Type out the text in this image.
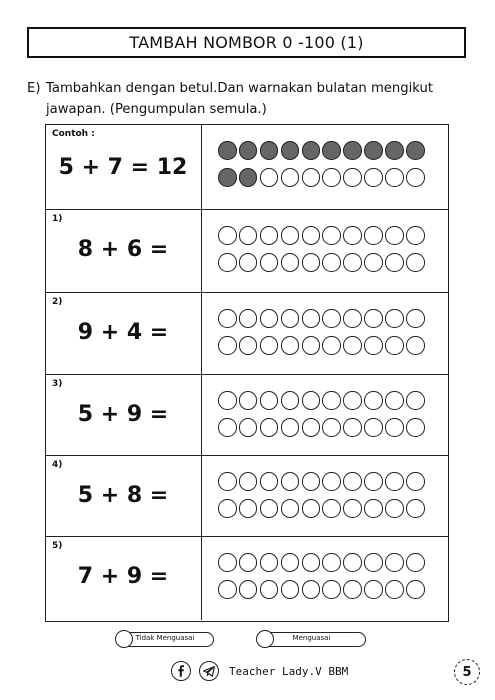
TAMBAH NOMBOR 0 -100 (1)
E) Tambahkan dengan betul.Dan warnakan bulatan mengikut
jawapan. (Pengumpulan semula.)
Contoh :
5 + 7 = 12
1)
8 + 6 =
2)
9 + 4 =
3)
5 + 9 =
4)
5 + 8 =
5)
7 + 9 =
Tidak Menguasai	Menguasai
Teacher Lady.V BBM	5
